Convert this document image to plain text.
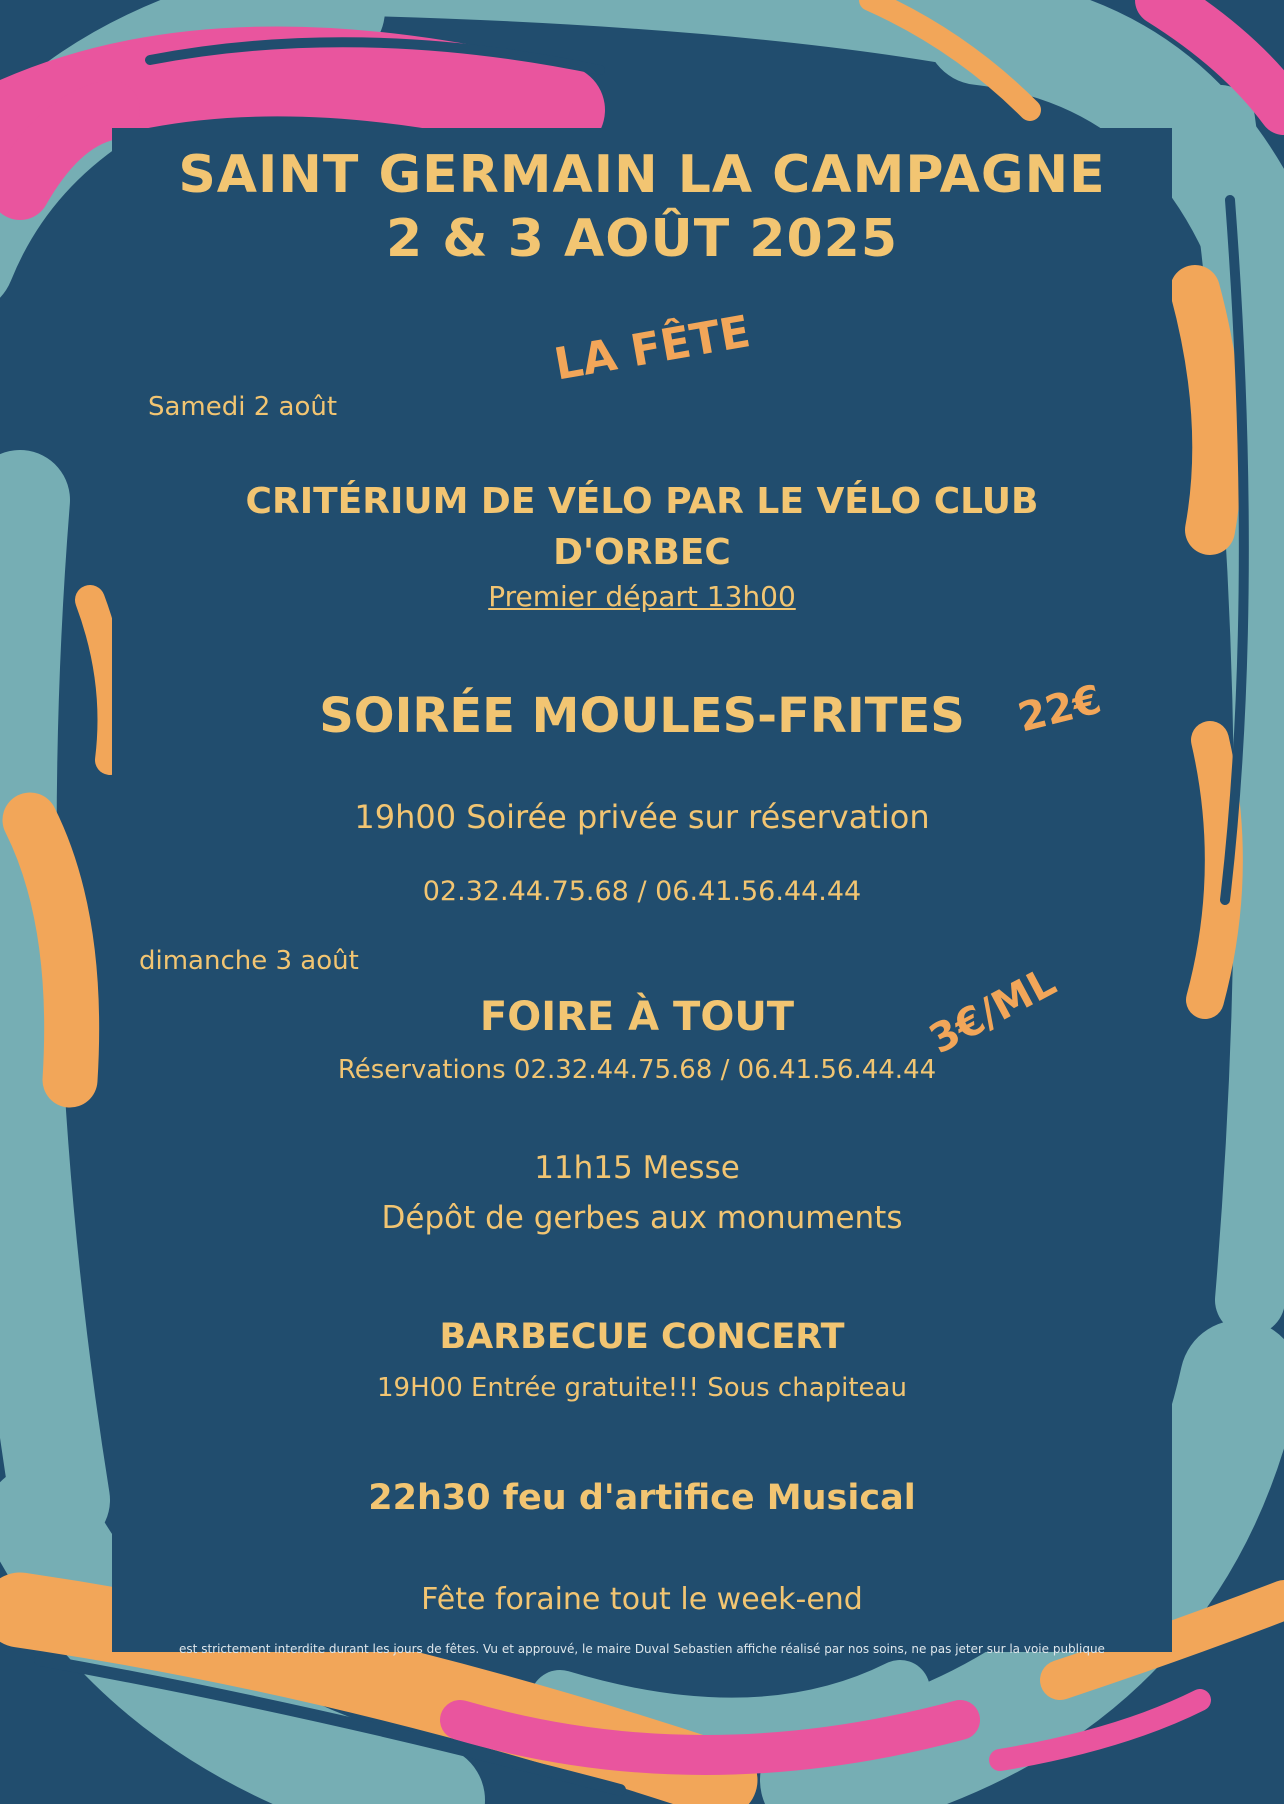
SAINT GERMAIN LA CAMPAGNE
2 & 3 AOÛT 2025
LA FÊTE
Samedi 2 août
CRITÉRIUM DE VÉLO PAR LE VÉLO CLUB
D'ORBEC
Premier départ 13h00
SOIRÉE MOULES-FRITES	22€
19h00 Soirée privée sur réservation
02.32.44.75.68 / 06.41.56.44.44
dimanche 3 août
FOIRE À TOUT	3€/ML
Réservations 02.32.44.75.68 / 06.41.56.44.44
11h15 Messe
Dépôt de gerbes aux monuments
BARBECUE CONCERT
19H00 Entrée gratuite!!! Sous chapiteau
22h30 feu d'artifice Musical
Fête foraine tout le week-end
est strictement interdite durant les jours de fêtes. Vu et approuvé, le maire Duval Sebastien affiche réalisé par nos soins, ne pas jeter sur la voie publique
